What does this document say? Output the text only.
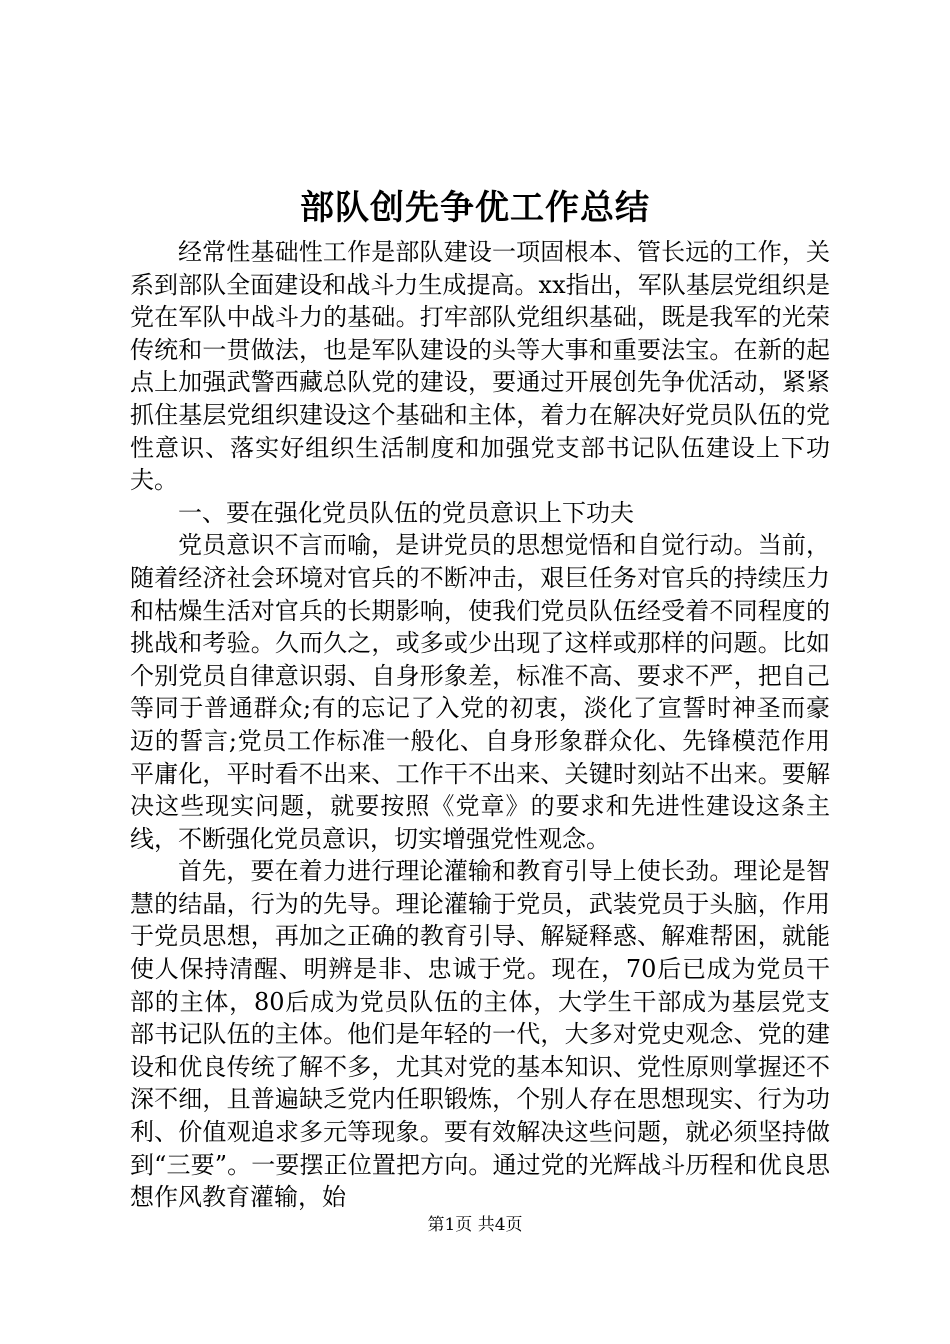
部队创先争优工作总结

经常性基础性工作是部队建设一项固根本、管长远的工作，关系到部队全面建设和战斗力生成提高。xx指出，军队基层党组织是党在军队中战斗力的基础。打牢部队党组织基础，既是我军的光荣传统和一贯做法，也是军队建设的头等大事和重要法宝。在新的起点上加强武警西藏总队党的建设，要通过开展创先争优活动，紧紧抓住基层党组织建设这个基础和主体，着力在解决好党员队伍的党性意识、落实好组织生活制度和加强党支部书记队伍建设上下功夫。

一、要在强化党员队伍的党员意识上下功夫

党员意识不言而喻，是讲党员的思想觉悟和自觉行动。当前，随着经济社会环境对官兵的不断冲击，艰巨任务对官兵的持续压力和枯燥生活对官兵的长期影响，使我们党员队伍经受着不同程度的挑战和考验。久而久之，或多或少出现了这样或那样的问题。比如个别党员自律意识弱、自身形象差，标准不高、要求不严，把自己等同于普通群众;有的忘记了入党的初衷，淡化了宣誓时神圣而豪迈的誓言;党员工作标准一般化、自身形象群众化、先锋模范作用平庸化，平时看不出来、工作干不出来、关键时刻站不出来。要解决这些现实问题，就要按照《党章》的要求和先进性建设这条主线，不断强化党员意识，切实增强党性观念。

首先，要在着力进行理论灌输和教育引导上使长劲。理论是智慧的结晶，行为的先导。理论灌输于党员，武装党员于头脑，作用于党员思想，再加之正确的教育引导、解疑释惑、解难帮困，就能使人保持清醒、明辨是非、忠诚于党。现在，70后已成为党员干部的主体，80后成为党员队伍的主体，大学生干部成为基层党支部书记队伍的主体。他们是年轻的一代，大多对党史观念、党的建设和优良传统了解不多，尤其对党的基本知识、党性原则掌握还不深不细，且普遍缺乏党内任职锻炼，个别人存在思想现实、行为功利、价值观追求多元等现象。要有效解决这些问题，就必须坚持做到“三要”。一要摆正位置把方向。通过党的光辉战斗历程和优良思想作风教育灌输，始

第1页 共4页
